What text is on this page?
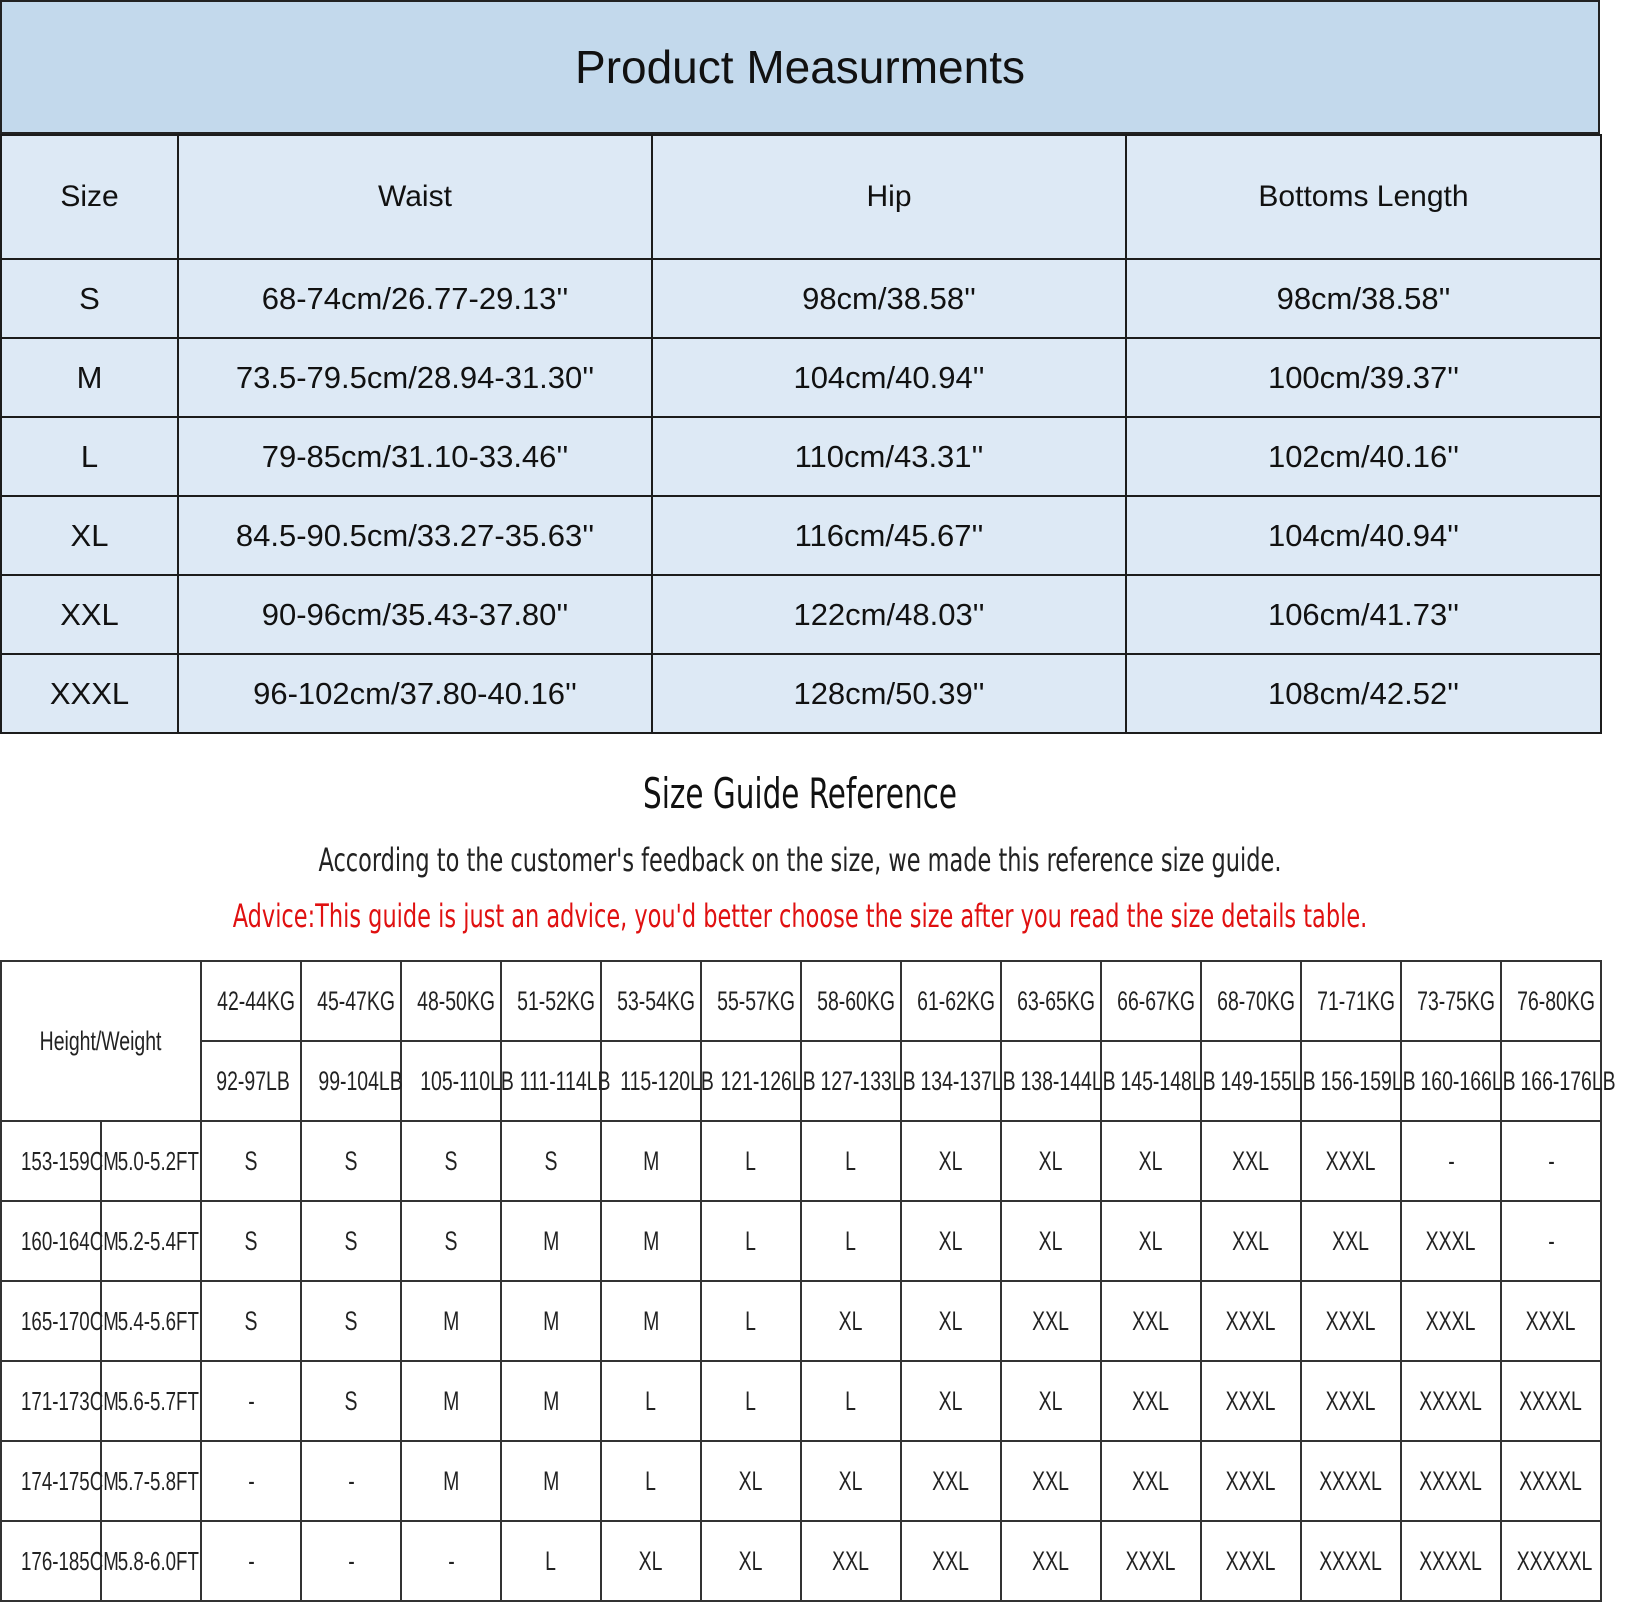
Product Measurments
Size	Waist	Hip	Bottoms Length
S	68-74cm/26.77-29.13''	98cm/38.58''	98cm/38.58''
M	73.5-79.5cm/28.94-31.30''	104cm/40.94''	100cm/39.37''
L	79-85cm/31.10-33.46''	110cm/43.31''	102cm/40.16''
XL	84.5-90.5cm/33.27-35.63''	116cm/45.67''	104cm/40.94''
XXL	90-96cm/35.43-37.80''	122cm/48.03''	106cm/41.73''
XXXL	96-102cm/37.80-40.16''	128cm/50.39''	108cm/42.52''
Size Guide Reference
According to the customer's feedback on the size, we made this reference size guide.
Advice:This guide is just an advice, you'd better choose the size after you read the size details table.
Height/Weight		42-44KG	45-47KG	48-50KG	51-52KG	53-54KG	55-57KG	58-60KG	61-62KG	63-65KG	66-67KG	68-70KG	71-71KG	73-75KG	76-80KG
		92-97LB	99-104LB	105-110LB	111-114LB	115-120LB	121-126LB	127-133LB	134-137LB	138-144LB	145-148LB	149-155LB	156-159LB	160-166LB	166-176LB
153-159CM	5.0-5.2FT	S	S	S	S	M	L	L	XL	XL	XL	XXL	XXXL	-	-
160-164CM	5.2-5.4FT	S	S	S	M	M	L	L	XL	XL	XL	XXL	XXL	XXXL	-
165-170CM	5.4-5.6FT	S	S	M	M	M	L	XL	XL	XXL	XXL	XXXL	XXXL	XXXL	XXXL
171-173CM	5.6-5.7FT	-	S	M	M	L	L	L	XL	XL	XXL	XXXL	XXXL	XXXXL	XXXXL
174-175CM	5.7-5.8FT	-	-	M	M	L	XL	XL	XXL	XXL	XXL	XXXL	XXXXL	XXXXL	XXXXL
176-185CM	5.8-6.0FT	-	-	-	L	XL	XL	XXL	XXL	XXL	XXXL	XXXL	XXXXL	XXXXL	XXXXXL
